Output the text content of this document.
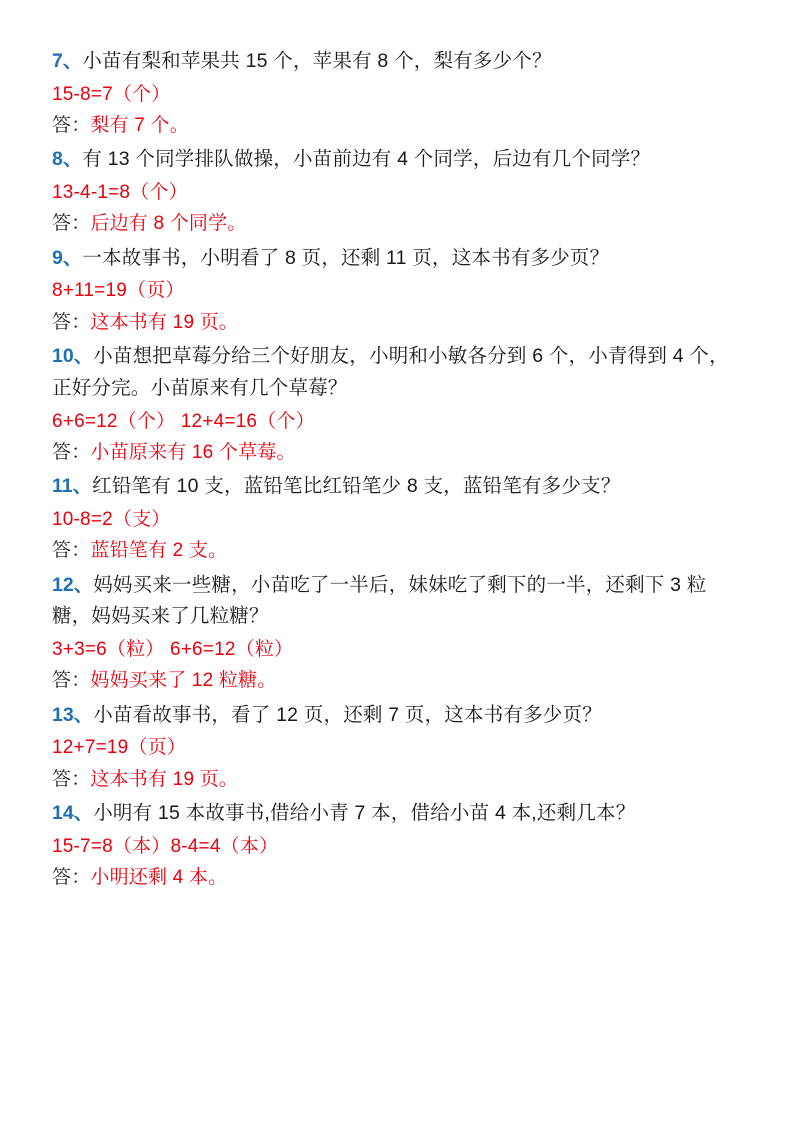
7、小苗有梨和苹果共 15 个，苹果有 8 个，梨有多少个？

15-8=7（个）

答：梨有 7 个。

8、有 13 个同学排队做操，小苗前边有 4 个同学，后边有几个同学？

13-4-1=8（个）

答：后边有 8 个同学。

9、一本故事书，小明看了 8 页，还剩 11 页，这本书有多少页？

8+11=19（页）

答：这本书有 19 页。

10、小苗想把草莓分给三个好朋友，小明和小敏各分到 6 个，小青得到 4 个，正好分完。小苗原来有几个草莓？

6+6=12（个） 12+4=16（个）

答：小苗原来有 16 个草莓。

11、红铅笔有 10 支，蓝铅笔比红铅笔少 8 支，蓝铅笔有多少支？

10-8=2（支）

答：蓝铅笔有 2 支。

12、妈妈买来一些糖，小苗吃了一半后，妹妹吃了剩下的一半，还剩下 3 粒糖，妈妈买来了几粒糖？

3+3=6（粒） 6+6=12（粒）

答：妈妈买来了 12 粒糖。

13、小苗看故事书，看了 12 页，还剩 7 页，这本书有多少页？

12+7=19（页）

答：这本书有 19 页。

14、小明有 15 本故事书,借给小青 7 本，借给小苗 4 本,还剩几本？

15-7=8（本）8-4=4（本）

答：小明还剩 4 本。
